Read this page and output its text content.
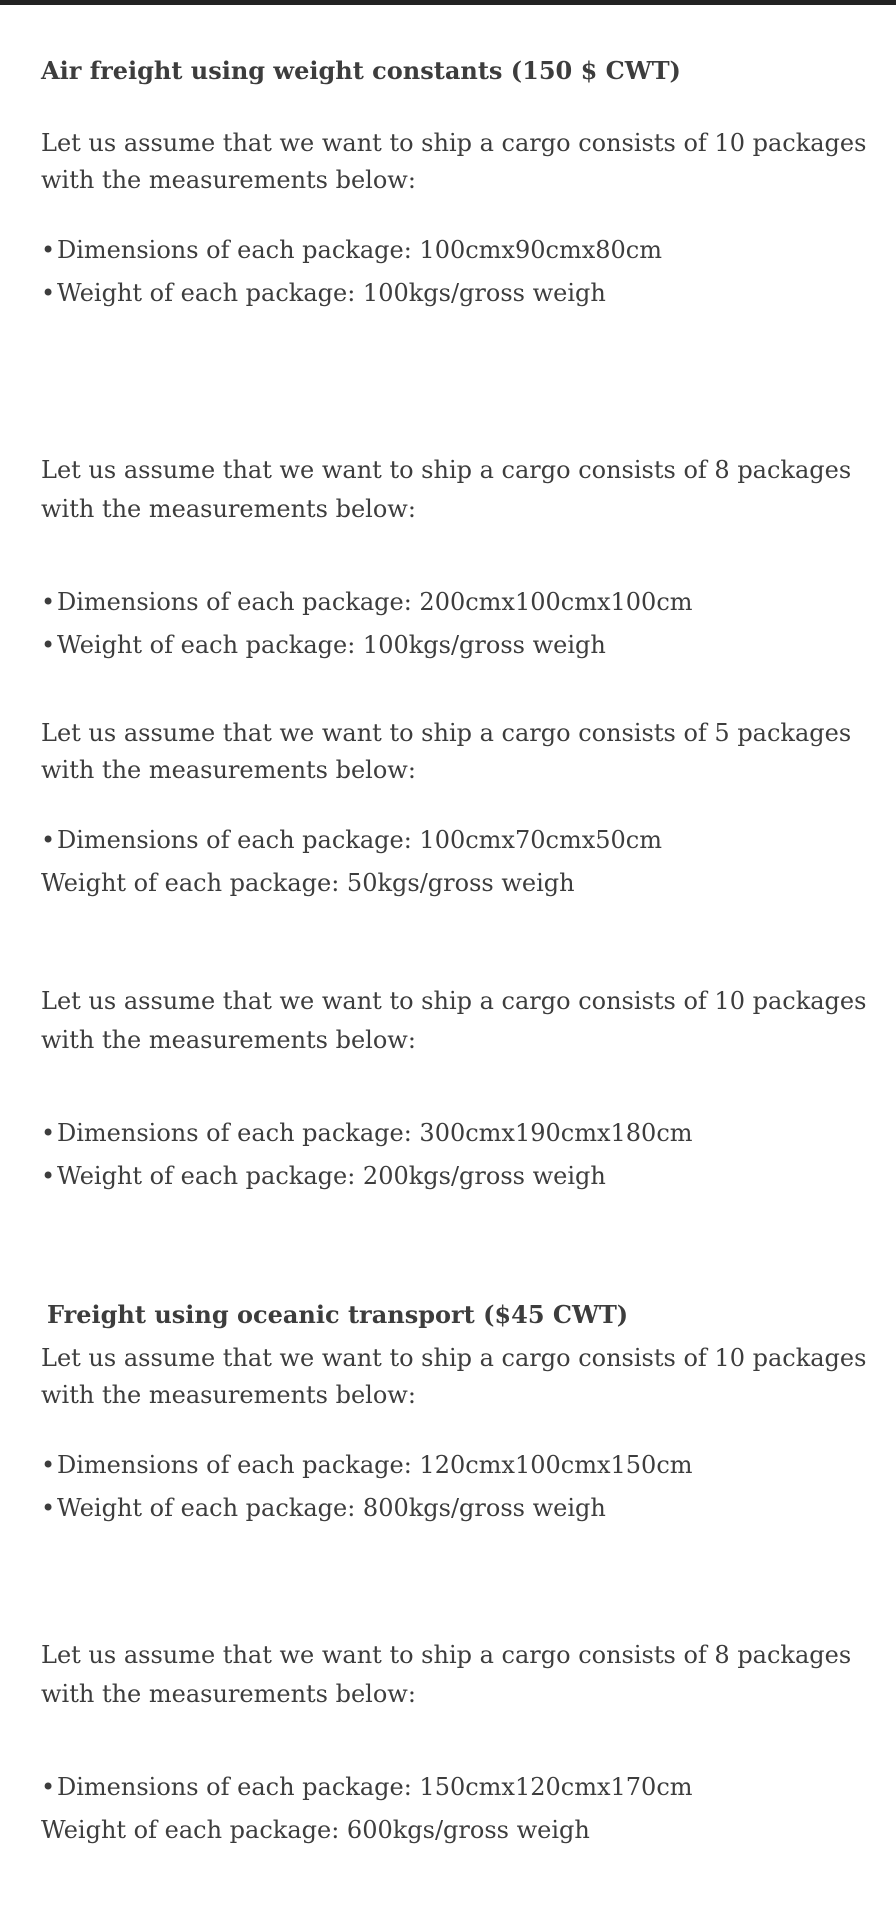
Air freight using weight constants (150 $ CWT)

Let us assume that we want to ship a cargo consists of 10 packages

with the measurements below:

•Dimensions of each package: 100cmx90cmx80cm

•Weight of each package: 100kgs/gross weigh

Let us assume that we want to ship a cargo consists of 8 packages

with the measurements below:

•Dimensions of each package: 200cmx100cmx100cm

•Weight of each package: 100kgs/gross weigh

Let us assume that we want to ship a cargo consists of 5 packages

with the measurements below:

•Dimensions of each package: 100cmx70cmx50cm

Weight of each package: 50kgs/gross weigh

Let us assume that we want to ship a cargo consists of 10 packages

with the measurements below:

•Dimensions of each package: 300cmx190cmx180cm

•Weight of each package: 200kgs/gross weigh

Freight using oceanic transport ($45 CWT)

Let us assume that we want to ship a cargo consists of 10 packages

with the measurements below:

•Dimensions of each package: 120cmx100cmx150cm

•Weight of each package: 800kgs/gross weigh

Let us assume that we want to ship a cargo consists of 8 packages

with the measurements below:

•Dimensions of each package: 150cmx120cmx170cm

Weight of each package: 600kgs/gross weigh
